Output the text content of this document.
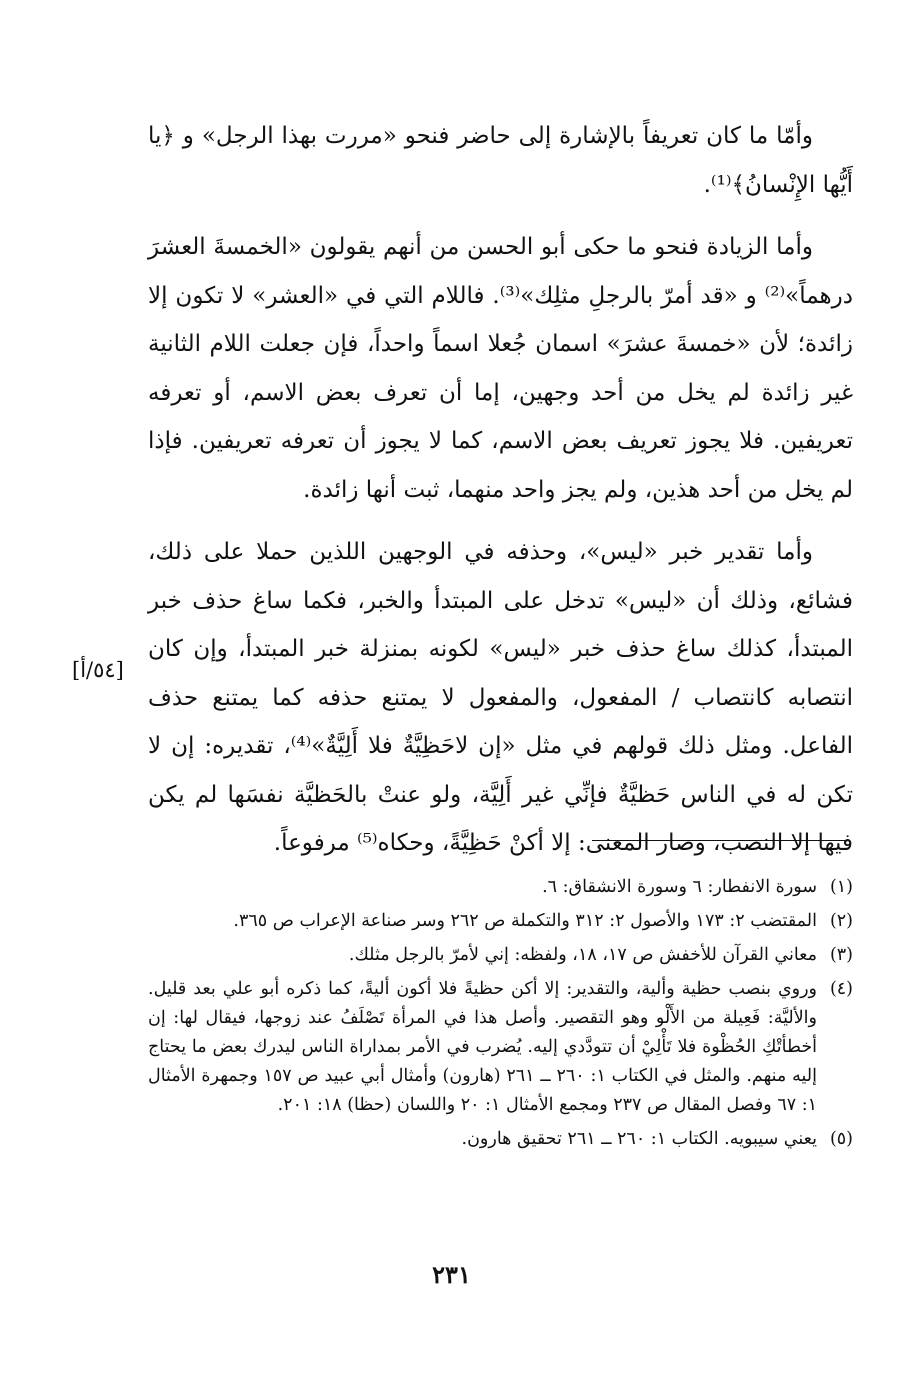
وأمّا ما كان تعريفاً بالإشارة إلى حاضر فنحو «مررت بهذا الرجل» و ﴿يا أَيُّها الإِنْسانُ﴾⁽¹⁾.

وأما الزيادة فنحو ما حكى أبو الحسن من أنهم يقولون «الخمسةَ العشرَ درهماً»⁽²⁾ و «قد أمرّ بالرجلِ مثلِك»⁽³⁾. فاللام التي في «العشر» لا تكون إلا زائدة؛ لأن «خمسةَ عشرَ» اسمان جُعلا اسماً واحداً، فإن جعلت اللام الثانية غير زائدة لم يخل من أحد وجهين، إما أن تعرف بعض الاسم، أو تعرفه تعريفين. فلا يجوز تعريف بعض الاسم، كما لا يجوز أن تعرفه تعريفين. فإذا لم يخل من أحد هذين، ولم يجز واحد منهما، ثبت أنها زائدة.

وأما تقدير خبر «ليس»، وحذفه في الوجهين اللذين حملا على ذلك، فشائع، وذلك أن «ليس» تدخل على المبتدأ والخبر، فكما ساغ حذف خبر المبتدأ، كذلك ساغ حذف خبر «ليس» لكونه بمنزلة خبر المبتدأ، وإن كان انتصابه كانتصاب / المفعول، والمفعول لا يمتنع حذفه كما يمتنع حذف الفاعل. ومثل ذلك قولهم في مثل «إن لاحَظِيَّةٌ فلا أَلِيَّةٌ»⁽⁴⁾، تقديره: إن لا تكن له في الناس حَظيَّةٌ فإنِّي غير أَلِيَّة، ولو عنتْ بالحَظيَّة نفسَها لم يكن فيها إلا النصب، وصار المعنى: إلا أكنْ حَظِيَّةً، وحكاه⁽⁵⁾ مرفوعاً.

[٥٤/أ]
(١)
سورة الانفطار: ٦ وسورة الانشقاق: ٦.
(٢)
المقتضب ٢: ١٧٣ والأصول ٢: ٣١٢ والتكملة ص ٢٦٢ وسر صناعة الإعراب ص ٣٦٥.
(٣)
معاني القرآن للأخفش ص ١٧، ١٨، ولفظه: إني لأمرّ بالرجل مثلك.
(٤)
وروي بنصب حظية وألية، والتقدير: إلا أكن حظيةً فلا أكون أليةً، كما ذكره أبو علي بعد قليل. والأليَّة: فَعِيلة من الأَلْو وهو التقصير. وأصل هذا في المرأة تَصْلَفُ عند زوجها، فيقال لها: إن أخطأتْكِ الحُظْوة فلا تَأْلِيْ أن تتودَّدي إليه. يُضرب في الأمر بمداراة الناس ليدرك بعض ما يحتاج إليه منهم. والمثل في الكتاب ١: ٢٦٠ ــ ٢٦١ (هارون) وأمثال أبي عبيد ص ١٥٧ وجمهرة الأمثال ١: ٦٧ وفصل المقال ص ٢٣٧ ومجمع الأمثال ١: ٢٠ واللسان (حظا) ١٨: ٢٠١.
(٥)
يعني سيبويه. الكتاب ١: ٢٦٠ ــ ٢٦١ تحقيق هارون.
٢٣١
